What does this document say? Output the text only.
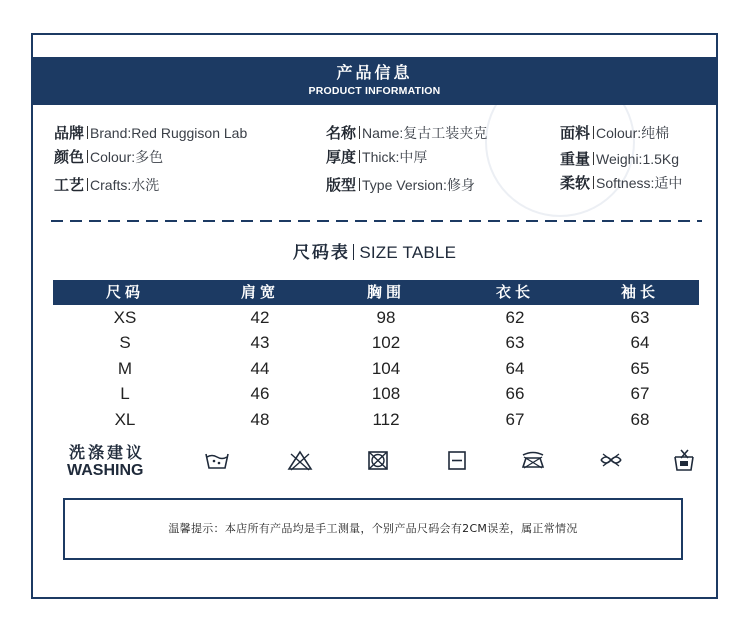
产品信息
PRODUCT INFORMATION
品牌 Brand:Red Ruggison Lab	名称 Name:复古工装夹克	面料 Colour:纯棉
颜色 Colour:多色	厚度 Thick:中厚	重量 Weighi:1.5Kg
工艺 Crafts:水洗	版型 Type Version:修身	柔软 Softness:适中
尺码表 SIZE TABLE
尺码	肩宽	胸围	衣长	袖长
XS	42	98	62	63
S	43	102	63	64
M	44	104	64	65
L	46	108	66	67
XL	48	112	67	68
洗涤建议
WASHING
温馨提示：本店所有产品均是手工测量，个别产品尺码会有2CM误差，属正常情况
